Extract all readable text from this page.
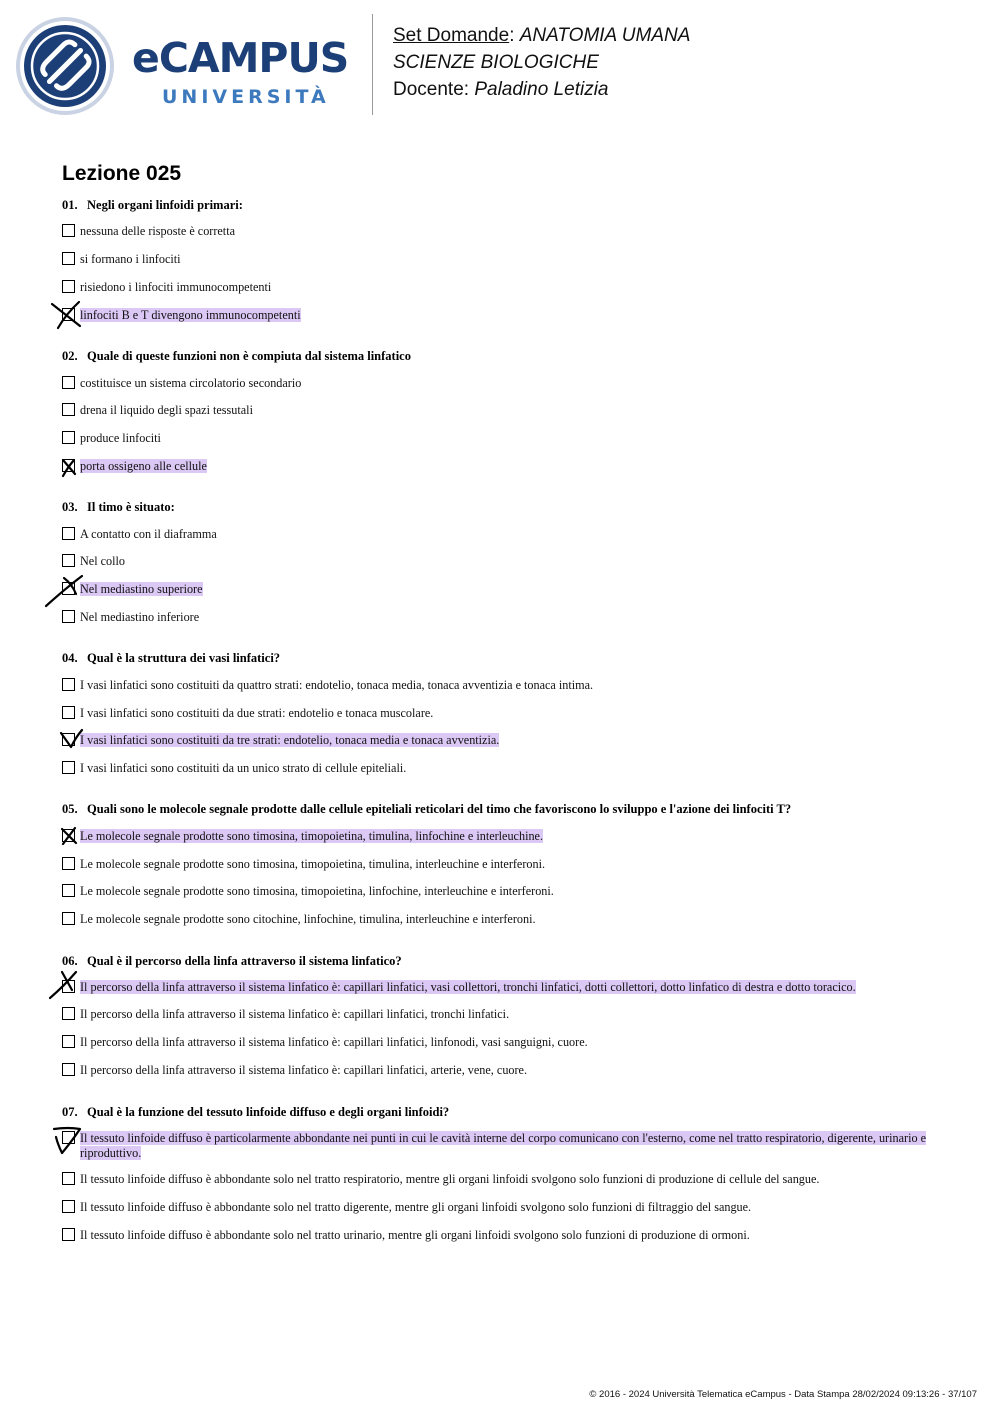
eCAMPUS
UNIVERSITÀ
Set Domande: ANATOMIA UMANA
SCIENZE BIOLOGICHE
Docente: Paladino Letizia
Lezione 025
01. Negli organi linfoidi primari:
nessuna delle risposte è corretta
si formano i linfociti
risiedono i linfociti immunocompetenti
linfociti B e T divengono immunocompetenti
02. Quale di queste funzioni non è compiuta dal sistema linfatico
costituisce un sistema circolatorio secondario
drena il liquido degli spazi tessutali
produce linfociti
porta ossigeno alle cellule
03. Il timo è situato:
A contatto con il diaframma
Nel collo
Nel mediastino superiore
Nel mediastino inferiore
04. Qual è la struttura dei vasi linfatici?
I vasi linfatici sono costituiti da quattro strati: endotelio, tonaca media, tonaca avventizia e tonaca intima.
I vasi linfatici sono costituiti da due strati: endotelio e tonaca muscolare.
I vasi linfatici sono costituiti da tre strati: endotelio, tonaca media e tonaca avventizia.
I vasi linfatici sono costituiti da un unico strato di cellule epiteliali.
05. Quali sono le molecole segnale prodotte dalle cellule epiteliali reticolari del timo che favoriscono lo sviluppo e l'azione dei linfociti T?
Le molecole segnale prodotte sono timosina, timopoietina, timulina, linfochine e interleuchine.
Le molecole segnale prodotte sono timosina, timopoietina, timulina, interleuchine e interferoni.
Le molecole segnale prodotte sono timosina, timopoietina, linfochine, interleuchine e interferoni.
Le molecole segnale prodotte sono citochine, linfochine, timulina, interleuchine e interferoni.
06. Qual è il percorso della linfa attraverso il sistema linfatico?
Il percorso della linfa attraverso il sistema linfatico è: capillari linfatici, vasi collettori, tronchi linfatici, dotti collettori, dotto linfatico di destra e dotto toracico.
Il percorso della linfa attraverso il sistema linfatico è: capillari linfatici, tronchi linfatici.
Il percorso della linfa attraverso il sistema linfatico è: capillari linfatici, linfonodi, vasi sanguigni, cuore.
Il percorso della linfa attraverso il sistema linfatico è: capillari linfatici, arterie, vene, cuore.
07. Qual è la funzione del tessuto linfoide diffuso e degli organi linfoidi?
Il tessuto linfoide diffuso è particolarmente abbondante nei punti in cui le cavità interne del corpo comunicano con l'esterno, come nel tratto respiratorio, digerente, urinario e riproduttivo.
Il tessuto linfoide diffuso è abbondante solo nel tratto respiratorio, mentre gli organi linfoidi svolgono solo funzioni di produzione di cellule del sangue.
Il tessuto linfoide diffuso è abbondante solo nel tratto digerente, mentre gli organi linfoidi svolgono solo funzioni di filtraggio del sangue.
Il tessuto linfoide diffuso è abbondante solo nel tratto urinario, mentre gli organi linfoidi svolgono solo funzioni di produzione di ormoni.
© 2016 - 2024 Università Telematica eCampus - Data Stampa 28/02/2024 09:13:26 - 37/107
